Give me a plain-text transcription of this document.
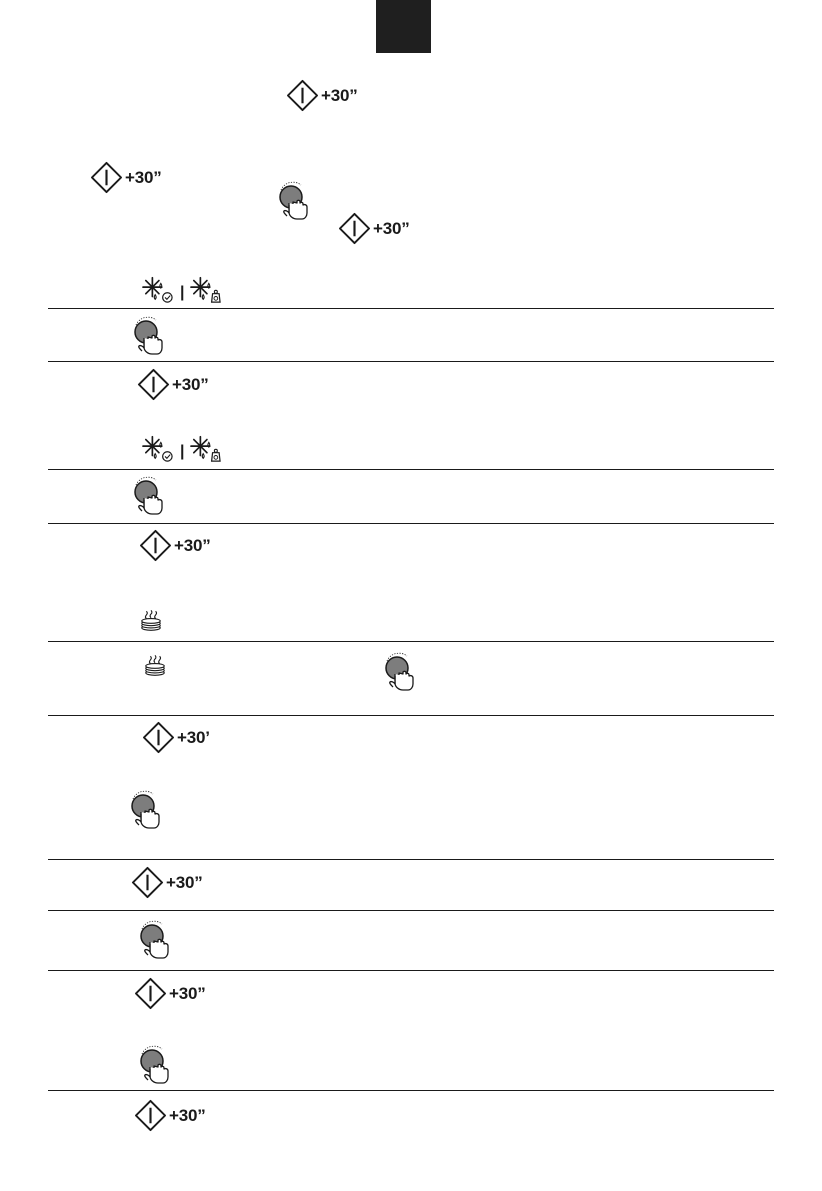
+30”
+30”
+30”
+30”
+30”
+30’
+30”
+30”
+30”
|
|
